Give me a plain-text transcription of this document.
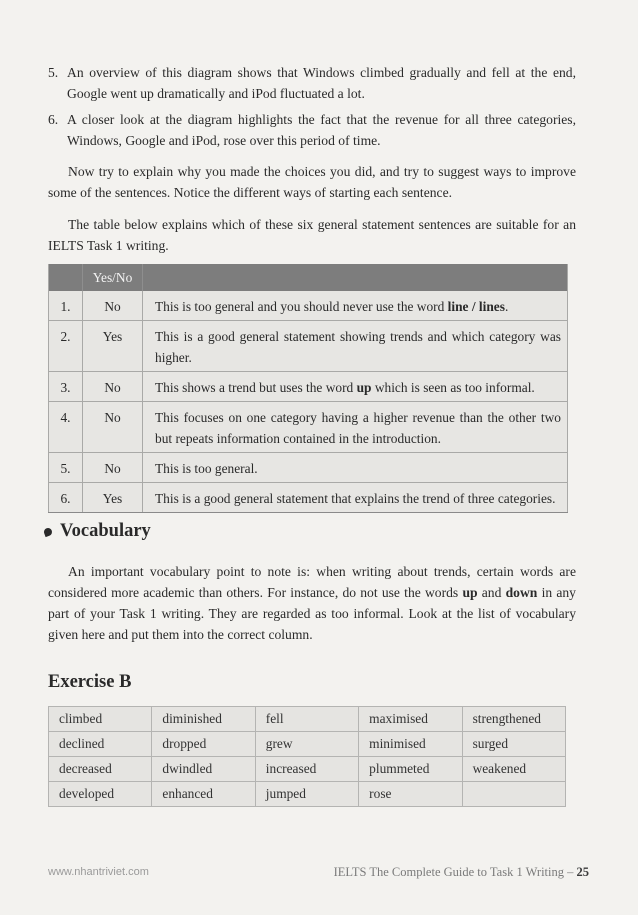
5. An overview of this diagram shows that Windows climbed gradually and fell at the end, Google went up dramatically and iPod fluctuated a lot.
6. A closer look at the diagram highlights the fact that the revenue for all three categories, Windows, Google and iPod, rose over this period of time.

Now try to explain why you made the choices you did, and try to suggest ways to improve some of the sentences. Notice the different ways of starting each sentence.

The table below explains which of these six general statement sentences are suitable for an IELTS Task 1 writing.

	Yes/No	
1.	No	This is too general and you should never use the word line / lines.
2.	Yes	This is a good general statement showing trends and which category was higher.
3.	No	This shows a trend but uses the word up which is seen as too informal.
4.	No	This focuses on one category having a higher revenue than the other two but repeats information contained in the introduction.
5.	No	This is too general.
6.	Yes	This is a good general statement that explains the trend of three categories.
Vocabulary

An important vocabulary point to note is: when writing about trends, certain words are considered more academic than others. For instance, do not use the words up and down in any part of your Task 1 writing. They are regarded as too informal. Look at the list of vocabulary given here and put them into the correct column.

Exercise B
climbed	diminished	fell	maximised	strengthened
declined	dropped	grew	minimised	surged
decreased	dwindled	increased	plummeted	weakened
developed	enhanced	jumped	rose	
www.nhantriviet.com	IELTS The Complete Guide to Task 1 Writing – 25
